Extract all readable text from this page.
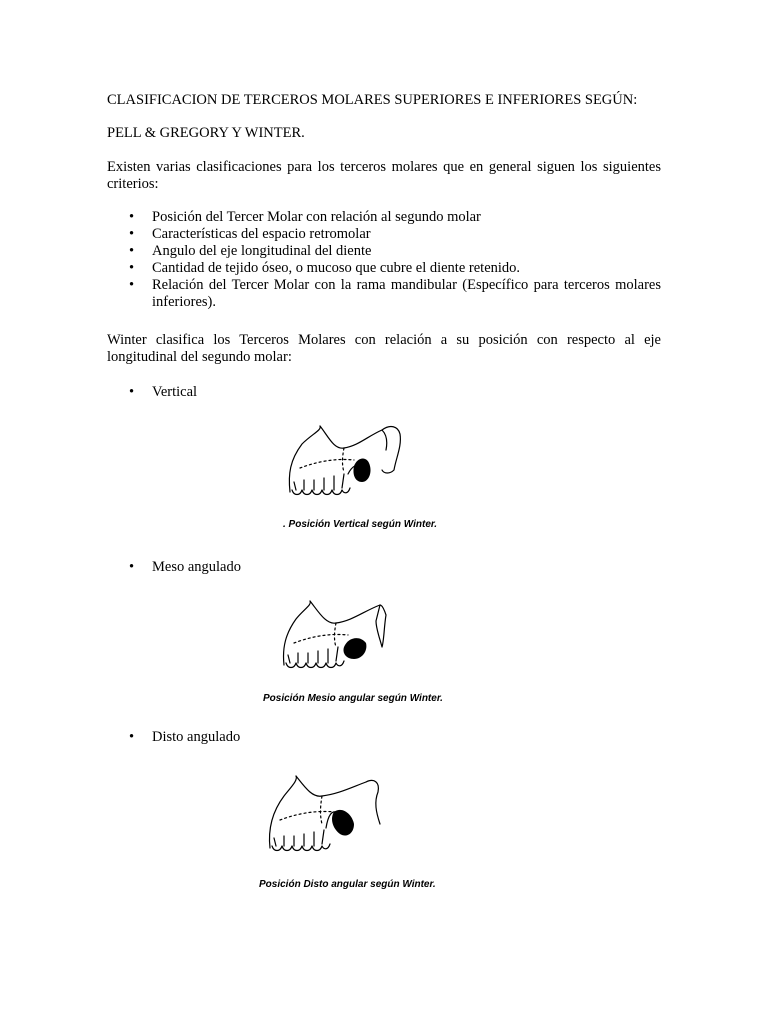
CLASIFICACION DE TERCEROS MOLARES SUPERIORES E INFERIORES SEGÚN:
PELL & GREGORY Y WINTER.
Existen varias clasificaciones para los terceros molares que en general siguen los siguientes criterios:
• Posición del Tercer Molar con relación al segundo molar
• Características del espacio retromolar
• Angulo del eje longitudinal del diente
• Cantidad de tejido óseo, o mucoso que cubre el diente retenido.
• Relación del Tercer Molar con la rama mandibular (Específico para terceros molares inferiores).
Winter clasifica los Terceros Molares con relación a su posición con respecto al eje longitudinal del segundo molar:
• Vertical
• Meso angulado
• Disto angulado
. Posición Vertical según Winter.
Posición Mesio angular según Winter.
Posición Disto angular según Winter.
